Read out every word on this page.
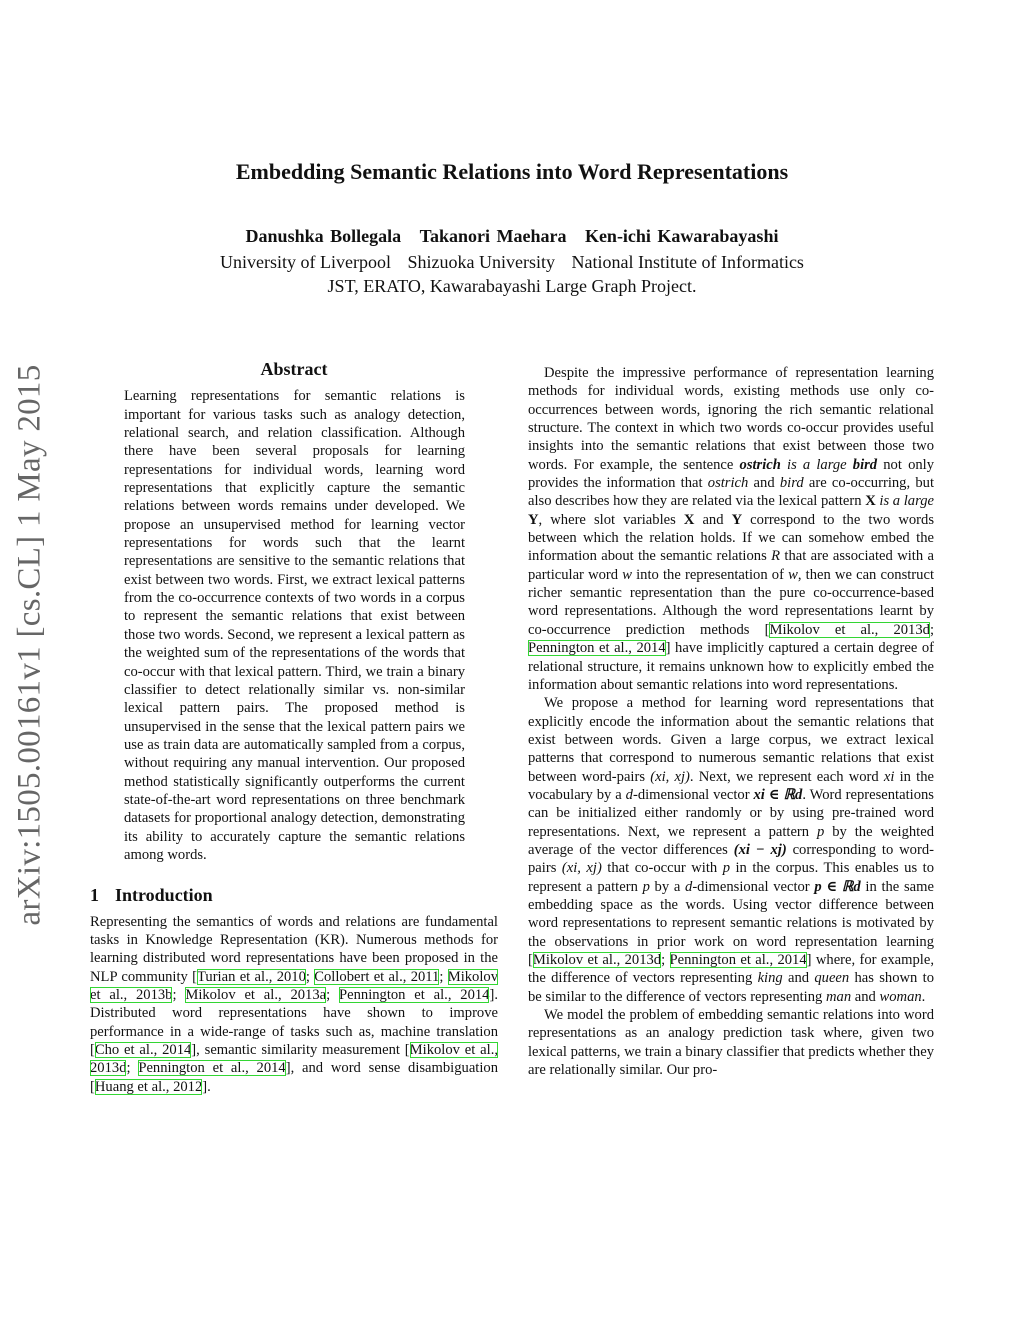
arXiv:1505.00161v1 [cs.CL] 1 May 2015
Embedding Semantic Relations into Word Representations
Danushka Bollegala Takanori Maehara Ken-ichi Kawarabayashi
University of Liverpool Shizuoka University National Institute of Informatics
JST, ERATO, Kawarabayashi Large Graph Project.
Abstract
Learning representations for semantic relations is important for various tasks such as analogy detection, relational search, and relation classification. Although there have been several proposals for learning representations for individual words, learning word representations that explicitly capture the semantic relations between words remains under developed. We propose an unsupervised method for learning vector representations for words such that the learnt representations are sensitive to the semantic relations that exist between two words. First, we extract lexical patterns from the co-occurrence contexts of two words in a corpus to represent the semantic relations that exist between those two words. Second, we represent a lexical pattern as the weighted sum of the representations of the words that co-occur with that lexical pattern. Third, we train a binary classifier to detect relationally similar vs. non-similar lexical pattern pairs. The proposed method is unsupervised in the sense that the lexical pattern pairs we use as train data are automatically sampled from a corpus, without requiring any manual intervention. Our proposed method statistically significantly outperforms the current state-of-the-art word representations on three benchmark datasets for proportional analogy detection, demonstrating its ability to accurately capture the semantic relations among words.
1 Introduction

Representing the semantics of words and relations are fundamental tasks in Knowledge Representation (KR). Numerous methods for learning distributed word representations have been proposed in the NLP community [Turian et al., 2010; Collobert et al., 2011; Mikolov et al., 2013b; Mikolov et al., 2013a; Pennington et al., 2014]. Distributed word representations have shown to improve performance in a wide-range of tasks such as, machine translation [Cho et al., 2014], semantic similarity measurement [Mikolov et al., 2013d; Pennington et al., 2014], and word sense disambiguation [Huang et al., 2012].

Despite the impressive performance of representation learning methods for individual words, existing methods use only co-occurrences between words, ignoring the rich semantic relational structure. The context in which two words co-occur provides useful insights into the semantic relations that exist between those two words. For example, the sentence ostrich is a large bird not only provides the information that ostrich and bird are co-occurring, but also describes how they are related via the lexical pattern X is a large Y, where slot variables X and Y correspond to the two words between which the relation holds. If we can somehow embed the information about the semantic relations R that are associated with a particular word w into the representation of w, then we can construct richer semantic representation than the pure co-occurrence-based word representations. Although the word representations learnt by co-occurrence prediction methods [Mikolov et al., 2013d; Pennington et al., 2014] have implicitly captured a certain degree of relational structure, it remains unknown how to explicitly embed the information about semantic relations into word representations.

We propose a method for learning word representations that explicitly encode the information about the semantic relations that exist between words. Given a large corpus, we extract lexical patterns that correspond to numerous semantic relations that exist between word-pairs (xi, xj). Next, we represent each word xi in the vocabulary by a d-dimensional vector xi ∈ ℝd. Word representations can be initialized either randomly or by using pre-trained word representations. Next, we represent a pattern p by the weighted average of the vector differences (xi − xj) corresponding to word-pairs (xi, xj) that co-occur with p in the corpus. This enables us to represent a pattern p by a d-dimensional vector p ∈ ℝd in the same embedding space as the words. Using vector difference between word representations to represent semantic relations is motivated by the observations in prior work on word representation learning [Mikolov et al., 2013d; Pennington et al., 2014] where, for example, the difference of vectors representing king and queen has shown to be similar to the difference of vectors representing man and woman.

We model the problem of embedding semantic relations into word representations as an analogy prediction task where, given two lexical patterns, we train a binary classifier that predicts whether they are relationally similar. Our pro-
